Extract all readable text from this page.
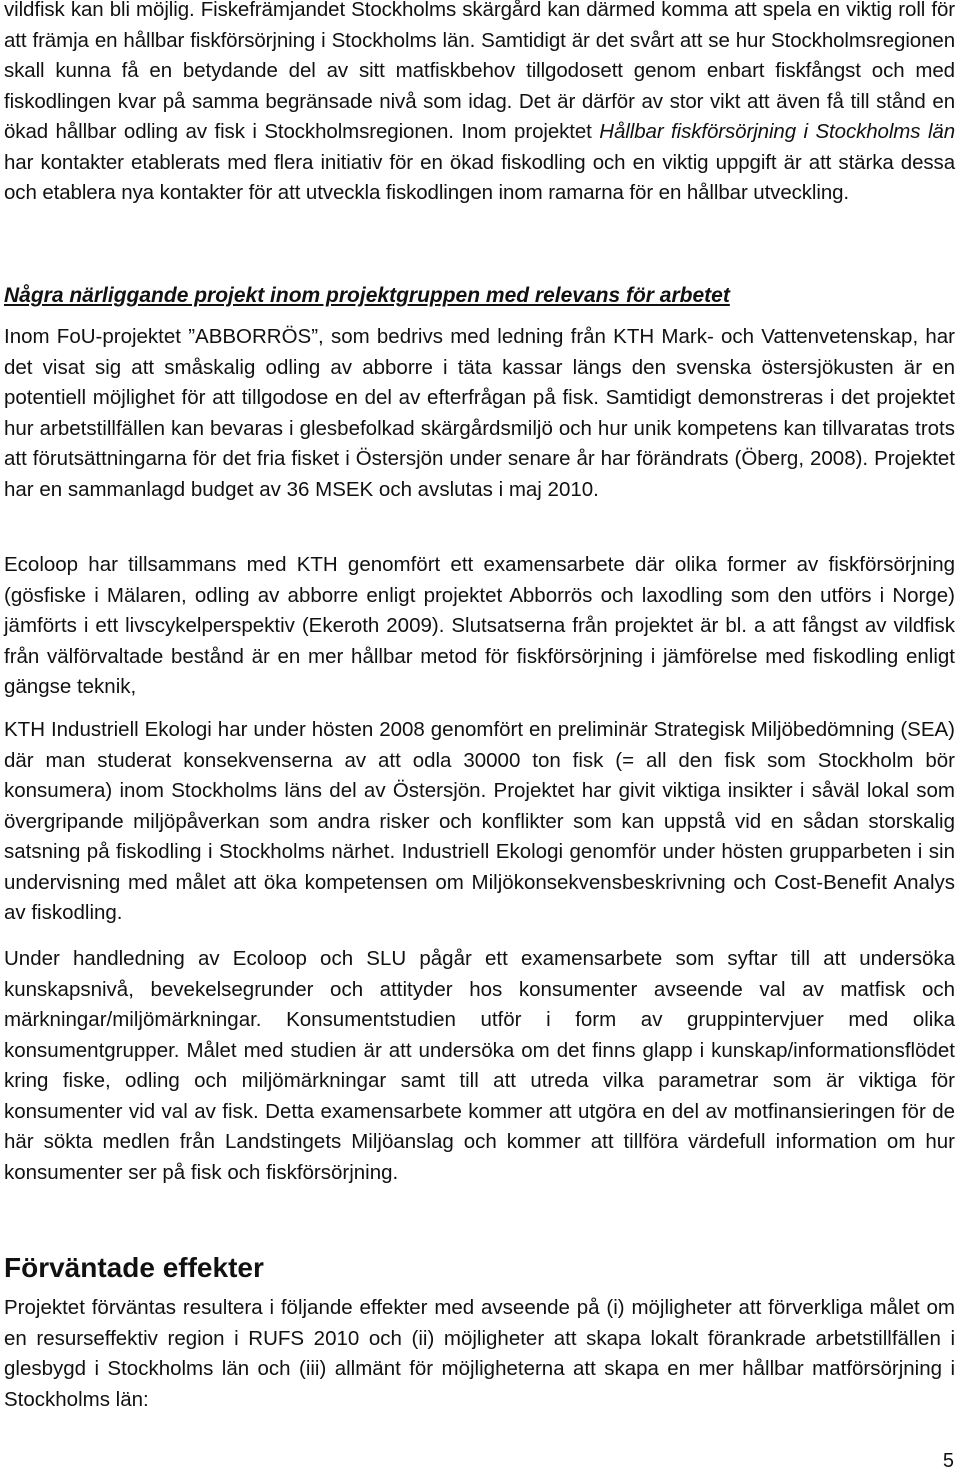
vildfisk kan bli möjlig. Fiskefrämjandet Stockholms skärgård kan därmed komma att spela en viktig roll för att främja en hållbar fiskförsörjning i Stockholms län. Samtidigt är det svårt att se hur Stockholmsregionen skall kunna få en betydande del av sitt matfiskbehov tillgodosett genom enbart fiskfångst och med fiskodlingen kvar på samma begränsade nivå som idag. Det är därför av stor vikt att även få till stånd en ökad hållbar odling av fisk i Stockholmsregionen. Inom projektet Hållbar fiskförsörjning i Stockholms län har kontakter etablerats med flera initiativ för en ökad fiskodling och en viktig uppgift är att stärka dessa och etablera nya kontakter för att utveckla fiskodlingen inom ramarna för en hållbar utveckling.

Några närliggande projekt inom projektgruppen med relevans för arbetet

Inom FoU-projektet ”ABBORRÖS”, som bedrivs med ledning från KTH Mark- och Vattenvetenskap, har det visat sig att småskalig odling av abborre i täta kassar längs den svenska östersjökusten är en potentiell möjlighet för att tillgodose en del av efterfrågan på fisk. Samtidigt demonstreras i det projektet hur arbetstillfällen kan bevaras i glesbefolkad skärgårdsmiljö och hur unik kompetens kan tillvaratas trots att förutsättningarna för det fria fisket i Östersjön under senare år har förändrats (Öberg, 2008). Projektet har en sammanlagd budget av 36 MSEK och avslutas i maj 2010.

Ecoloop har tillsammans med KTH genomfört ett examensarbete där olika former av fiskförsörjning (gösfiske i Mälaren, odling av abborre enligt projektet Abborrös och laxodling som den utförs i Norge) jämförts i ett livscykelperspektiv (Ekeroth 2009). Slutsatserna från projektet är bl. a att fångst av vildfisk från välförvaltade bestånd är en mer hållbar metod för fiskförsörjning i jämförelse med fiskodling enligt gängse teknik,

KTH Industriell Ekologi har under hösten 2008 genomfört en preliminär Strategisk Miljöbedömning (SEA) där man studerat konsekvenserna av att odla 30000 ton fisk (= all den fisk som Stockholm bör konsumera) inom Stockholms läns del av Östersjön. Projektet har givit viktiga insikter i såväl lokal som övergripande miljöpåverkan som andra risker och konflikter som kan uppstå vid en sådan storskalig satsning på fiskodling i Stockholms närhet. Industriell Ekologi genomför under hösten grupparbeten i sin undervisning med målet att öka kompetensen om Miljökonsekvensbeskrivning och Cost-Benefit Analys av fiskodling.

Under handledning av Ecoloop och SLU pågår ett examensarbete som syftar till att undersöka kunskapsnivå, bevekelsegrunder och attityder hos konsumenter avseende val av matfisk och märkningar/miljömärkningar. Konsumentstudien utför i form av gruppintervjuer med olika konsumentgrupper. Målet med studien är att undersöka om det finns glapp i kunskap/informationsflödet kring fiske, odling och miljömärkningar samt till att utreda vilka parametrar som är viktiga för konsumenter vid val av fisk. Detta examensarbete kommer att utgöra en del av motfinansieringen för de här sökta medlen från Landstingets Miljöanslag och kommer att tillföra värdefull information om hur konsumenter ser på fisk och fiskförsörjning.

Förväntade effekter

Projektet förväntas resultera i följande effekter med avseende på (i) möjligheter att förverkliga målet om en resurseffektiv region i RUFS 2010 och (ii) möjligheter att skapa lokalt förankrade arbetstillfällen i glesbygd i Stockholms län och (iii) allmänt för möjligheterna att skapa en mer hållbar matförsörjning i Stockholms län:

5
